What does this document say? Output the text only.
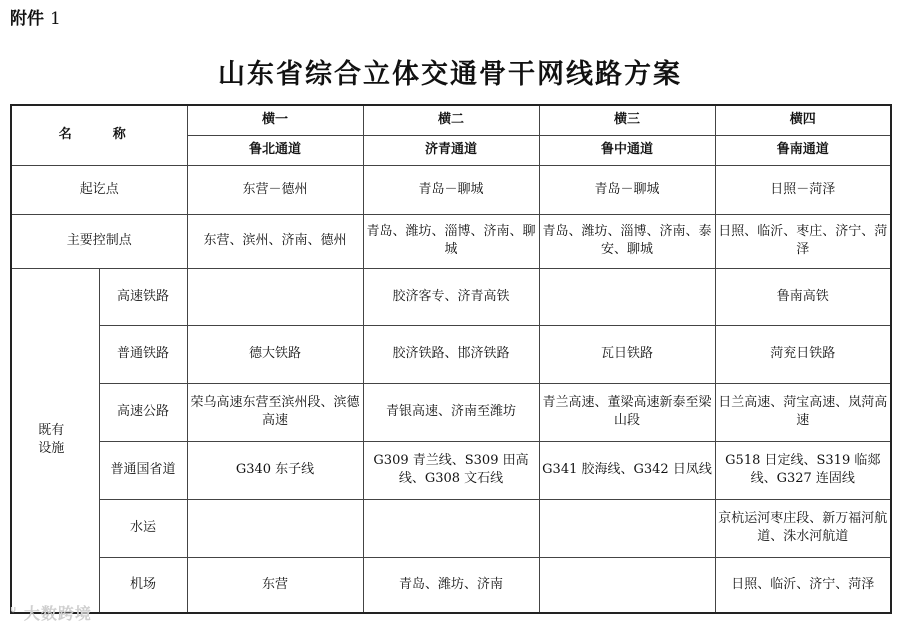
附件 1
山东省综合立体交通骨干网线路方案
名　称		横一	横二	横三	横四
		鲁北通道	济青通道	鲁中通道	鲁南通道
起讫点		东营－德州	青岛－聊城	青岛－聊城	日照－菏泽
主要控制点		东营、滨州、济南、德州	青岛、潍坊、淄博、济南、聊城	青岛、潍坊、淄博、济南、泰安、聊城	日照、临沂、枣庄、济宁、菏泽
既有设施	高速铁路		胶济客专、济青高铁		鲁南高铁
	普通铁路	德大铁路	胶济铁路、邯济铁路	瓦日铁路	菏兖日铁路
	高速公路	荣乌高速东营至滨州段、滨德高速	青银高速、济南至潍坊	青兰高速、董梁高速新泰至梁山段	日兰高速、菏宝高速、岚菏高速
	普通国省道	G340 东子线	G309 青兰线、S309 田高线、G308 文石线	G341 胶海线、G342 日凤线	G518 日定线、S319 临郯线、G327 连固线
	水运				京杭运河枣庄段、新万福河航道、洙水河航道
	机场	东营	青岛、潍坊、济南		日照、临沂、济宁、菏泽
ᐡ 大数跨境
